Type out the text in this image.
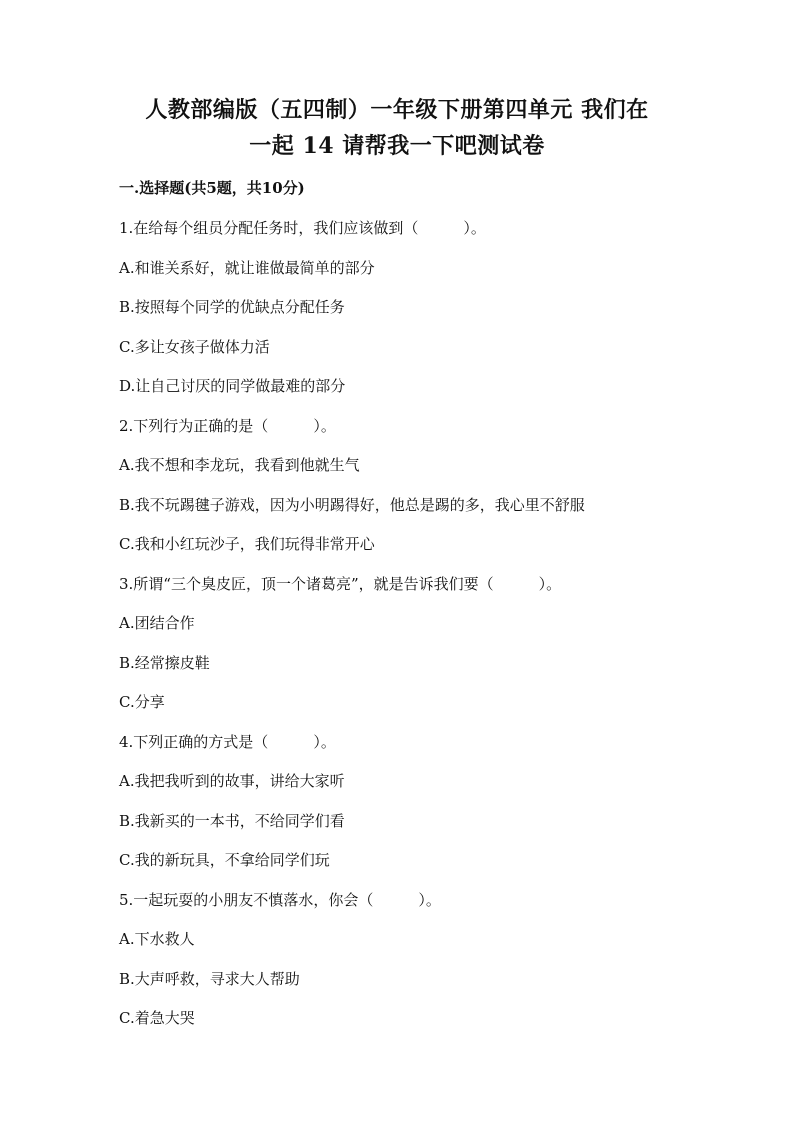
人教部编版（五四制）一年级下册第四单元 我们在
一起 14 请帮我一下吧测试卷
一.选择题(共5题，共10分)
1.在给每个组员分配任务时，我们应该做到（　　　）。
A.和谁关系好，就让谁做最简单的部分
B.按照每个同学的优缺点分配任务
C.多让女孩子做体力活
D.让自己讨厌的同学做最难的部分
2.下列行为正确的是（　　　）。
A.我不想和李龙玩，我看到他就生气
B.我不玩踢毽子游戏，因为小明踢得好，他总是踢的多，我心里不舒服
C.我和小红玩沙子，我们玩得非常开心
3.所谓“三个臭皮匠，顶一个诸葛亮”，就是告诉我们要（　　　）。
A.团结合作
B.经常擦皮鞋
C.分享
4.下列正确的方式是（　　　）。
A.我把我听到的故事，讲给大家听
B.我新买的一本书，不给同学们看
C.我的新玩具，不拿给同学们玩
5.一起玩耍的小朋友不慎落水，你会（　　　）。
A.下水救人
B.大声呼救，寻求大人帮助
C.着急大哭
